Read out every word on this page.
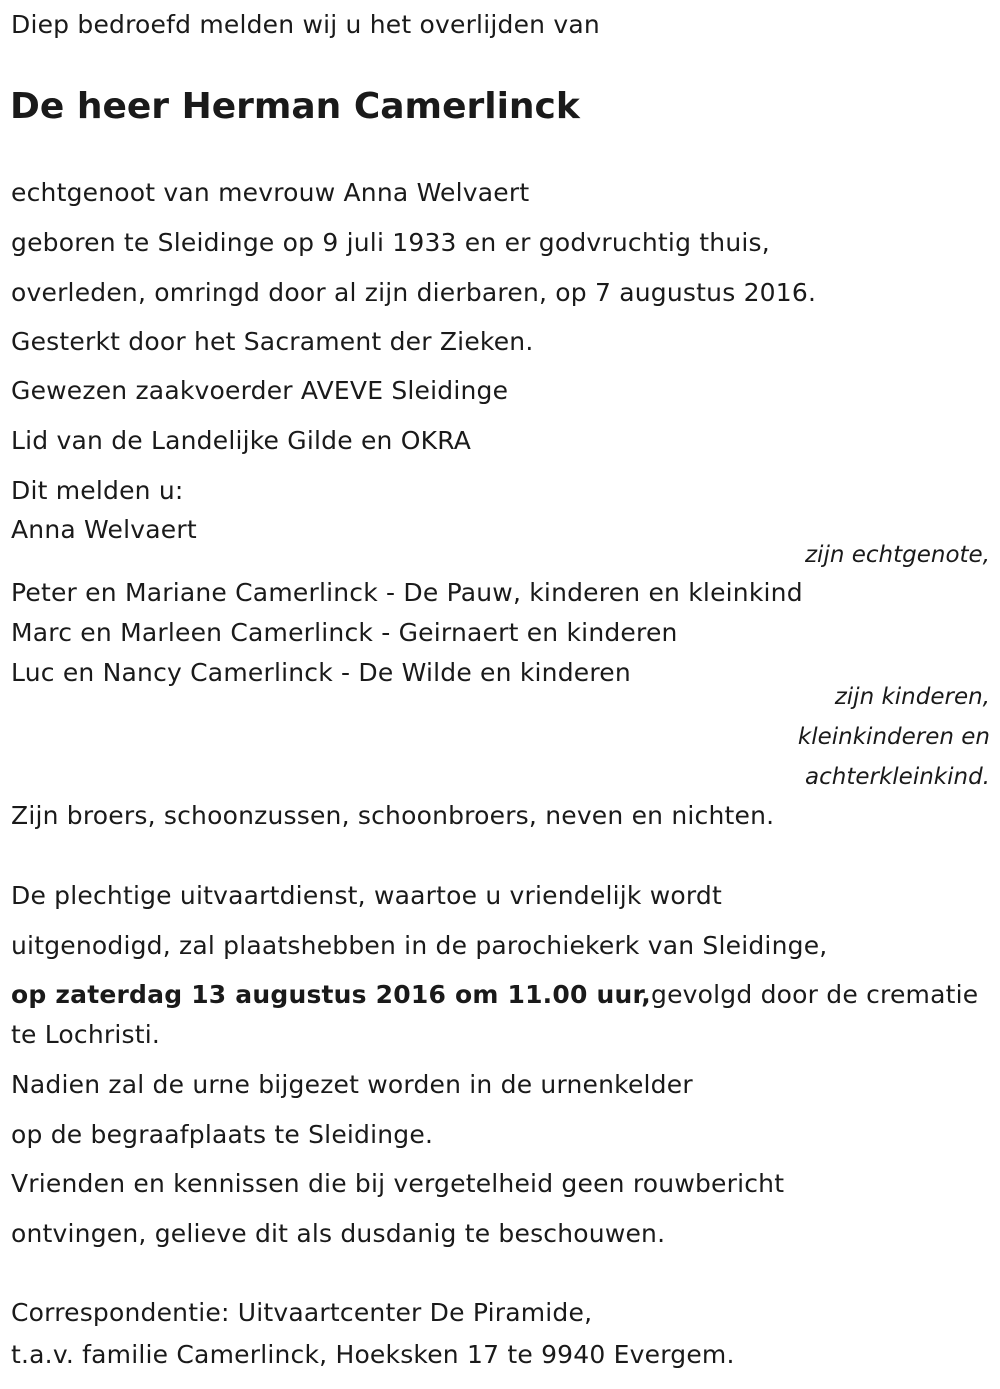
Diep bedroefd melden wij u het overlijden van
De heer Herman Camerlinck
echtgenoot van mevrouw Anna Welvaert
geboren te Sleidinge op 9 juli 1933 en er godvruchtig thuis,
overleden, omringd door al zijn dierbaren, op 7 augustus 2016.
Gesterkt door het Sacrament der Zieken.
Gewezen zaakvoerder AVEVE Sleidinge
Lid van de Landelijke Gilde en OKRA
Dit melden u:
Anna Welvaert
zijn echtgenote,
Peter en Mariane Camerlinck - De Pauw, kinderen en kleinkind
Marc en Marleen Camerlinck - Geirnaert en kinderen
Luc en Nancy Camerlinck - De Wilde en kinderen
zijn kinderen,
kleinkinderen en
achterkleinkind.
Zijn broers, schoonzussen, schoonbroers, neven en nichten.
De plechtige uitvaartdienst, waartoe u vriendelijk wordt
uitgenodigd, zal plaatshebben in de parochiekerk van Sleidinge,
op zaterdag 13 augustus 2016 om 11.00 uur,gevolgd door de crematie
te Lochristi.
Nadien zal de urne bijgezet worden in de urnenkelder
op de begraafplaats te Sleidinge.
Vrienden en kennissen die bij vergetelheid geen rouwbericht
ontvingen, gelieve dit als dusdanig te beschouwen.
Correspondentie: Uitvaartcenter De Piramide,
t.a.v. familie Camerlinck, Hoeksken 17 te 9940 Evergem.
